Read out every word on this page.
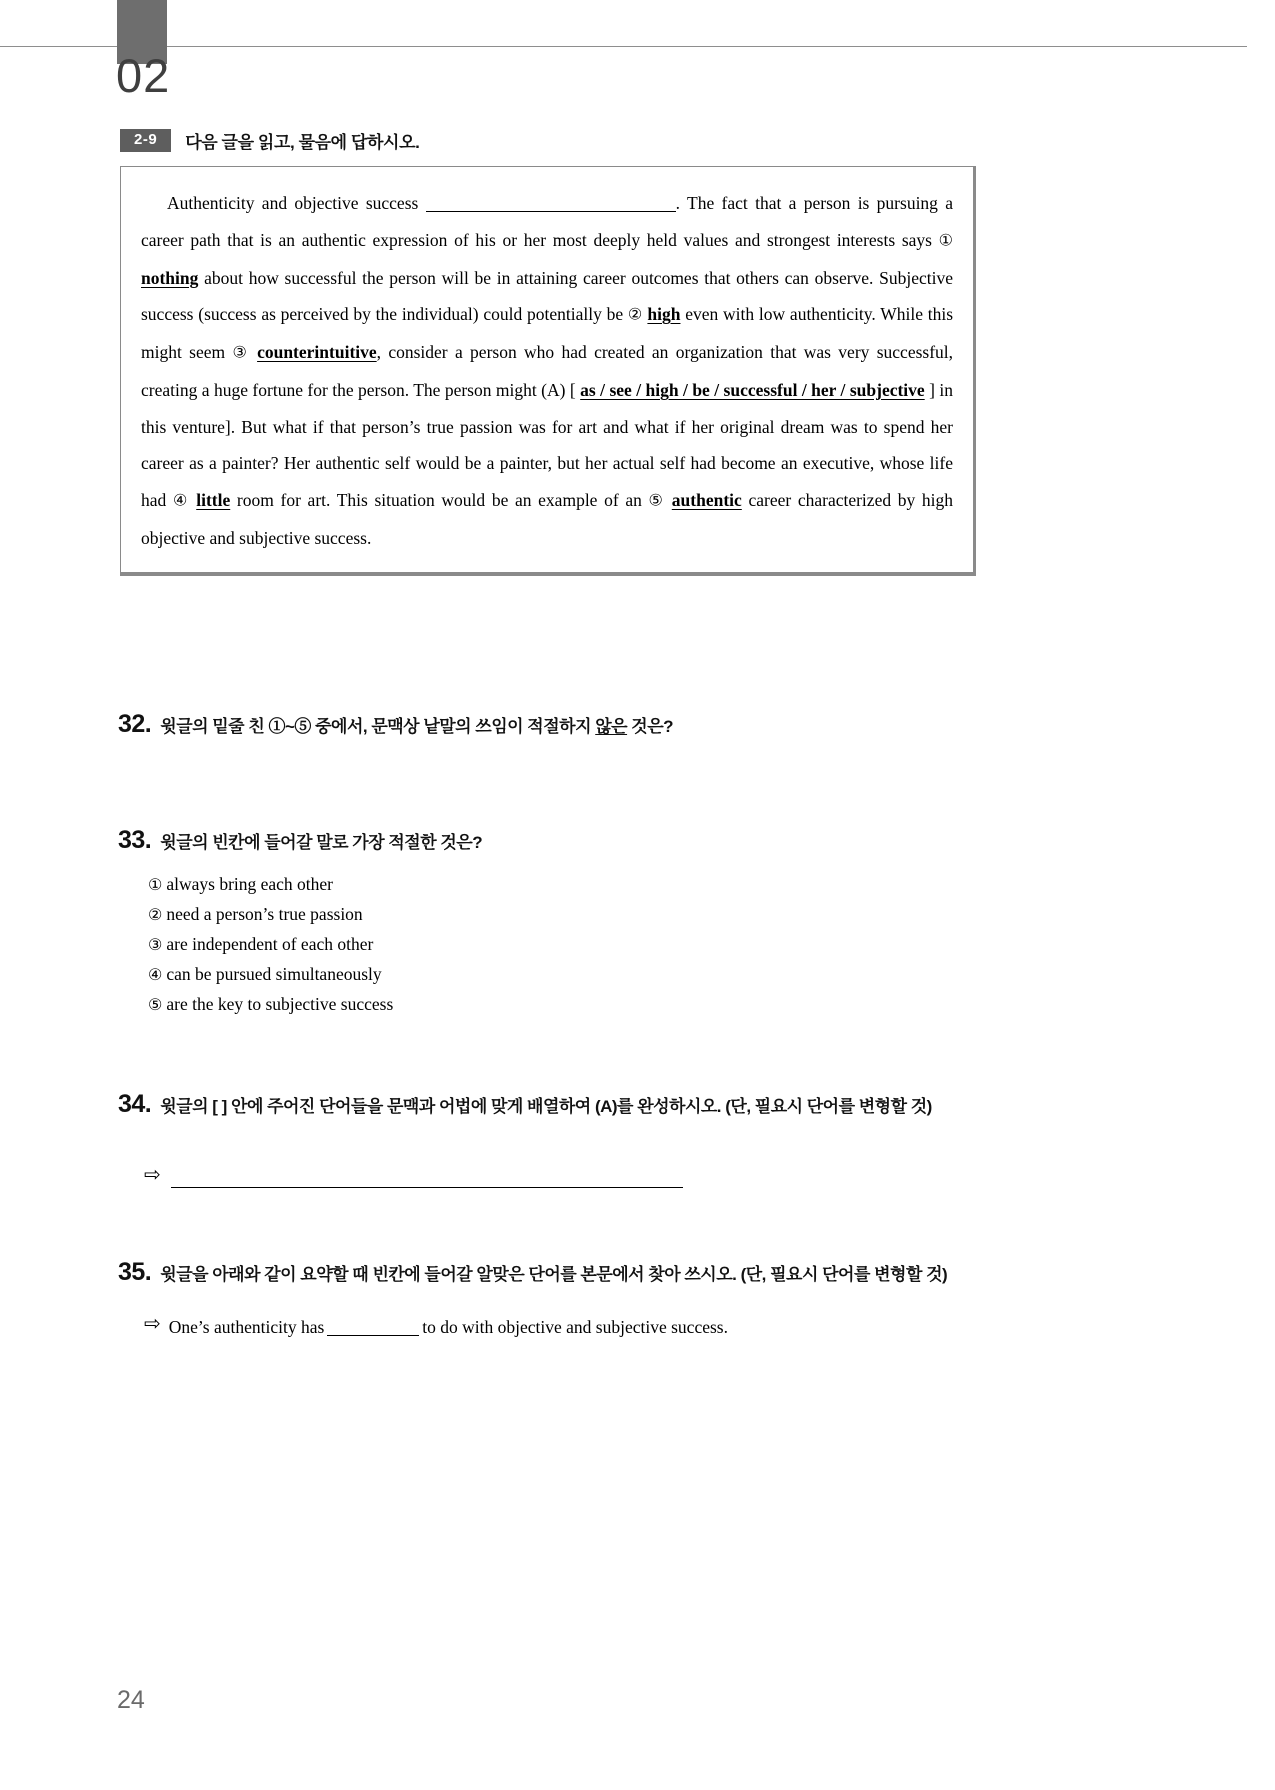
02
2-9	다음 글을 읽고, 물음에 답하시오.

Authenticity and objective success	. The fact that a person is pursuing a career path that is an authentic expression of his or her most deeply held values and strongest interests says ① nothing about how successful the person will be in attaining career outcomes that others can observe. Subjective success (success as perceived by the individual) could potentially be ② high even with low authenticity. While this might seem ③ counterintuitive, consider a person who had created an organization that was very successful, creating a huge fortune for the person. The person might (A) [ as / see / high / be / successful / her / subjective ] in this venture]. But what if that person’s true passion was for art and what if her original dream was to spend her career as a painter? Her authentic self would be a painter, but her actual self had become an executive, whose life had ④ little room for art. This situation would be an example of an ⑤ authentic career characterized by high objective and subjective success.

32. 윗글의 밑줄 친 ①~⑤ 중에서, 문맥상 낱말의 쓰임이 적절하지 않은 것은?
33. 윗글의 빈칸에 들어갈 말로 가장 적절한 것은?
① always bring each other
② need a person’s true passion
③ are independent of each other
④ can be pursued simultaneously
⑤ are the key to subjective success
34. 윗글의 [ ] 안에 주어진 단어들을 문맥과 어법에 맞게 배열하여 (A)를 완성하시오. (단, 필요시 단어를 변형할 것)
⇨
35. 윗글을 아래와 같이 요약할 때 빈칸에 들어갈 알맞은 단어를 본문에서 찾아 쓰시오. (단, 필요시 단어를 변형할 것)
⇨ One’s authenticity has	to do with objective and subjective success.
24
